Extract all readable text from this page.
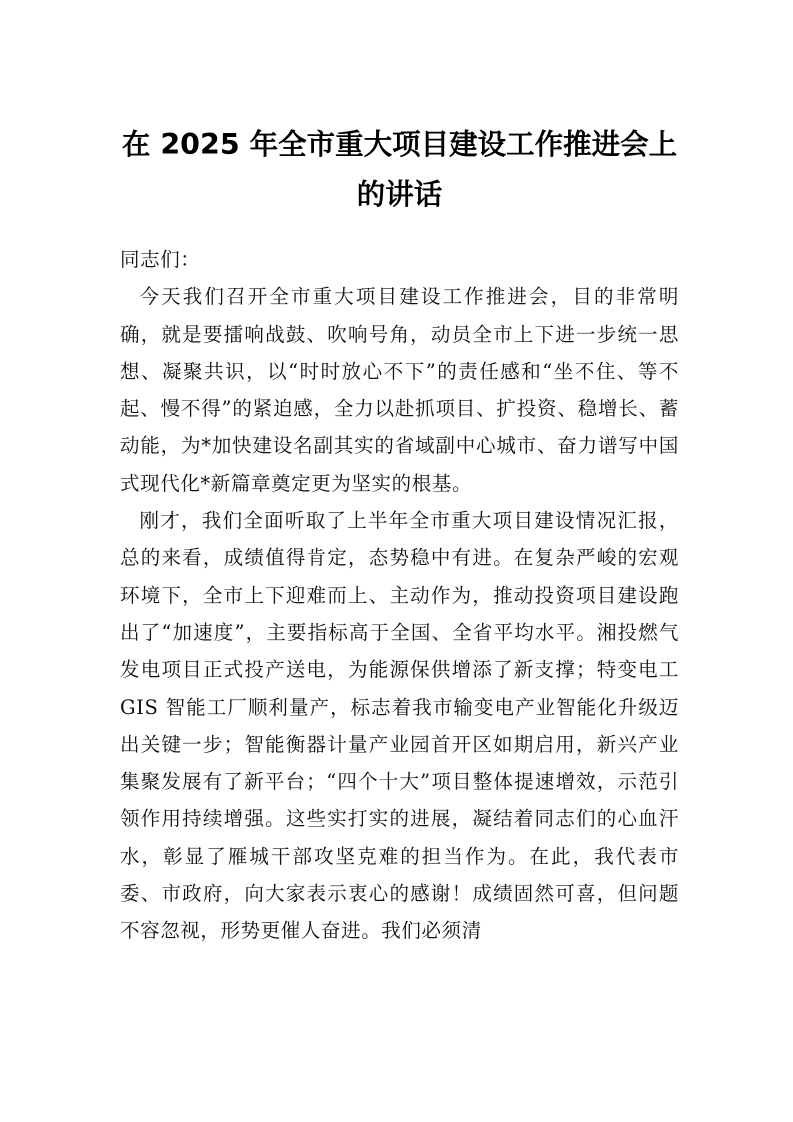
在 2025 年全市重大项目建设工作推进会上
的讲话

同志们：

今天我们召开全市重大项目建设工作推进会，目的非常明确，就是要擂响战鼓、吹响号角，动员全市上下进一步统一思想、凝聚共识，以“时时放心不下”的责任感和“坐不住、等不起、慢不得”的紧迫感，全力以赴抓项目、扩投资、稳增长、蓄动能，为*加快建设名副其实的省域副中心城市、奋力谱写中国式现代化*新篇章奠定更为坚实的根基。

刚才，我们全面听取了上半年全市重大项目建设情况汇报，总的来看，成绩值得肯定，态势稳中有进。在复杂严峻的宏观环境下，全市上下迎难而上、主动作为，推动投资项目建设跑出了“加速度”，主要指标高于全国、全省平均水平。湘投燃气发电项目正式投产送电，为能源保供增添了新支撑；特变电工 GIS 智能工厂顺利量产，标志着我市输变电产业智能化升级迈出关键一步；智能衡器计量产业园首开区如期启用，新兴产业集聚发展有了新平台；“四个十大”项目整体提速增效，示范引领作用持续增强。这些实打实的进展，凝结着同志们的心血汗水，彰显了雁城干部攻坚克难的担当作为。在此，我代表市委、市政府，向大家表示衷心的感谢！成绩固然可喜，但问题不容忽视，形势更催人奋进。我们必须清
